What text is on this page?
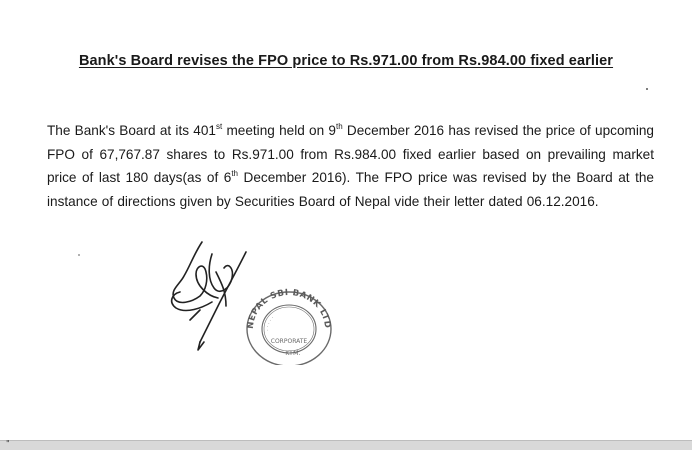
Bank's Board revises the FPO price to Rs.971.00 from Rs.984.00 fixed earlier
The Bank's Board at its 401st meeting held on 9th December 2016 has revised the price of upcoming FPO of 67,767.87 shares to Rs.971.00 from Rs.984.00 fixed earlier based on prevailing market price of last 180 days(as of 6th December 2016). The FPO price was revised by the Board at the instance of directions given by Securities Board of Nepal vide their letter dated 06.12.2016.
NEPAL SBI BANK LTD
· · · · ·
CORPORATE
KTM.
"
